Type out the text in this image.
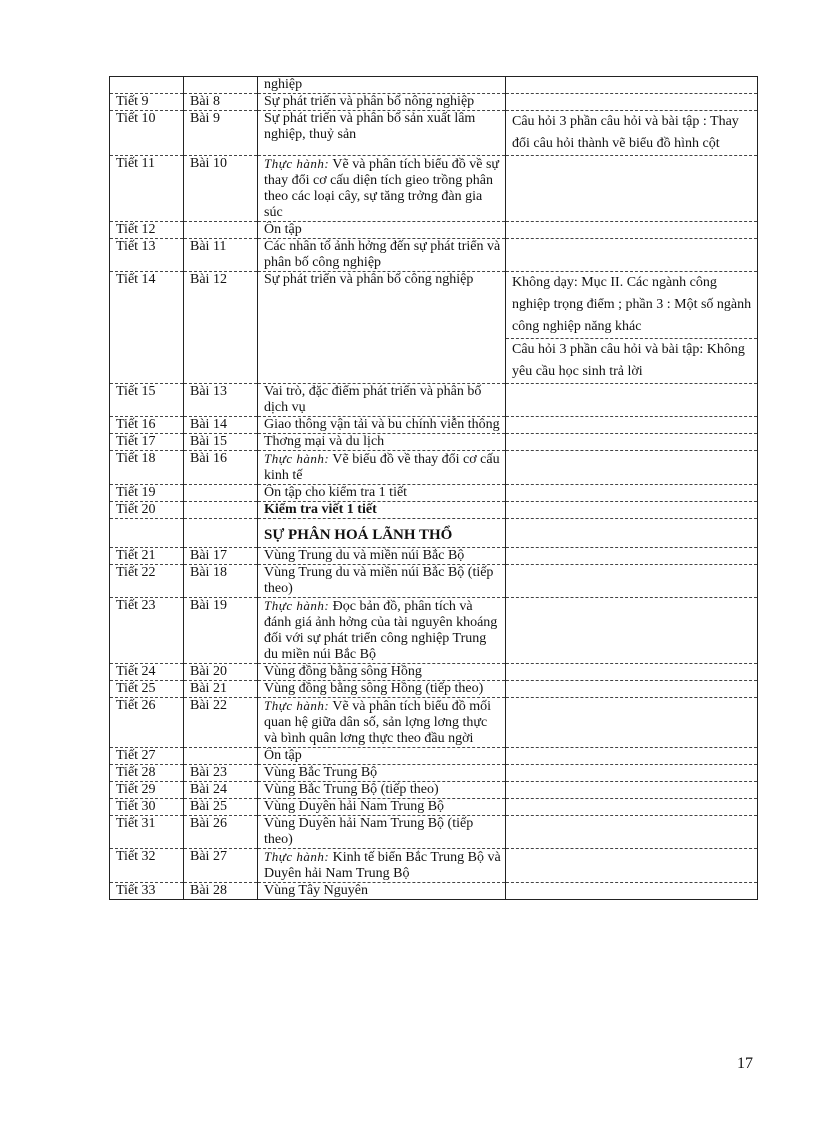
		nghiệp	
Tiết 9	Bài 8	Sự phát triển và phân bố nông nghiệp	
Tiết 10	Bài 9	Sự phát triển và phân bố sản xuất lâm nghiệp, thuỷ sản	Câu hỏi 3 phần câu hỏi và bài tập : Thay đổi câu hỏi thành vẽ biểu đồ hình cột
Tiết 11	Bài 10	Thực hành: Vẽ và phân tích biểu đồ về sự thay đổi cơ cấu diện tích gieo trồng phân theo các loại cây, sự tăng trởng đàn gia súc	
Tiết 12		Ôn tập	
Tiết 13	Bài 11	Các nhân tố ảnh hởng đến sự phát triển và phân bố công nghiệp	
Tiết 14	Bài 12	Sự phát triển và phân bố công nghiệp	Không dạy: Mục II. Các ngành công nghiệp trọng điểm ; phần 3 : Một số ngành công nghiệp năng khác
			Câu hỏi 3 phần câu hỏi và bài tập: Không yêu cầu học sinh trả lời
Tiết 15	Bài 13	Vai trò, đặc điểm phát triển và phân bố dịch vụ	
Tiết 16	Bài 14	Giao thông vận tải và bu chính viễn thông	
Tiết 17	Bài 15	Thơng mại và du lịch	
Tiết 18	Bài 16	Thực hành: Vẽ biểu đồ về thay đổi cơ cấu kinh tế	
Tiết 19		Ôn tập cho kiểm tra 1 tiết	
Tiết 20		Kiểm tra viết 1 tiết	
		SỰ PHÂN HOÁ LÃNH THỔ	
Tiết 21	Bài 17	Vùng Trung du và miền núi Bắc Bộ	
Tiết 22	Bài 18	Vùng Trung du và miền núi Bắc Bộ (tiếp theo)	
Tiết 23	Bài 19	Thực hành: Đọc bản đồ, phân tích và đánh giá ảnh hởng của tài nguyên khoáng đối với sự phát triển công nghiệp Trung du miền núi Bắc Bộ	
Tiết 24	Bài 20	Vùng đồng bằng sông Hồng	
Tiết 25	Bài 21	Vùng đồng bằng sông Hồng (tiếp theo)	
Tiết 26	Bài 22	Thực hành: Vẽ và phân tích biểu đồ mối quan hệ giữa dân số, sản lợng lơng thực và bình quân lơng thực theo đầu ngời	
Tiết 27		Ôn tập	
Tiết 28	Bài 23	Vùng Bắc Trung Bộ	
Tiết 29	Bài 24	Vùng Bắc Trung Bộ (tiếp theo)	
Tiết 30	Bài 25	Vùng Duyên hải Nam Trung Bộ	
Tiết 31	Bài 26	Vùng Duyên hải Nam Trung Bộ (tiếp theo)	
Tiết 32	Bài 27	Thực hành: Kinh tế biển Bắc Trung Bộ và Duyên hải Nam Trung Bộ	
Tiết 33	Bài 28	Vùng Tây Nguyên	
17
